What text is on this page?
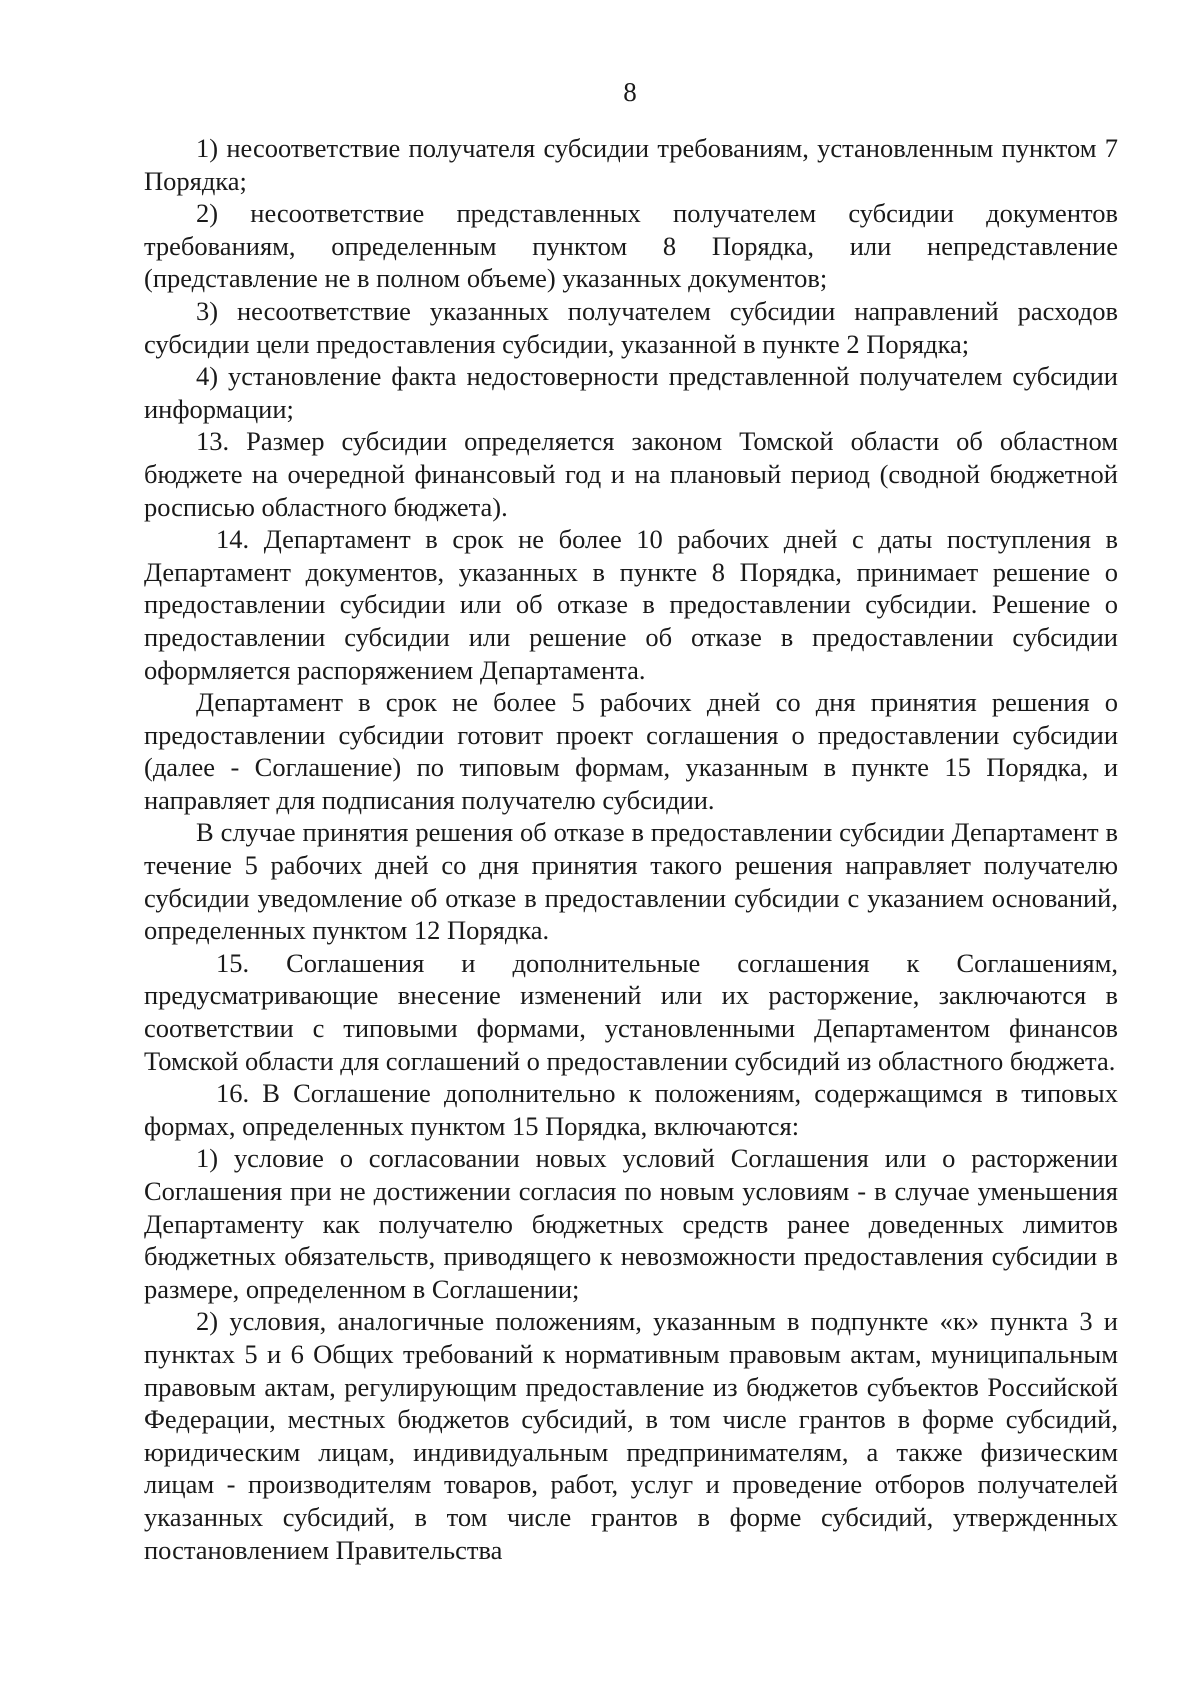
8

1) несоответствие получателя субсидии требованиям, установленным пунктом 7 Порядка;

2) несоответствие представленных получателем субсидии документов требованиям, определенным пунктом 8 Порядка, или непредставление (представление не в полном объеме) указанных документов;

3) несоответствие указанных получателем субсидии направлений расходов субсидии цели предоставления субсидии, указанной в пункте 2 Порядка;

4) установление факта недостоверности представленной получателем субсидии информации;

13. Размер субсидии определяется законом Томской области об областном бюджете на очередной финансовый год и на плановый период (сводной бюджетной росписью областного бюджета).

14. Департамент в срок не более 10 рабочих дней с даты поступления в Департамент документов, указанных в пункте 8 Порядка, принимает решение о предоставлении субсидии или об отказе в предоставлении субсидии. Решение о предоставлении субсидии или решение об отказе в предоставлении субсидии оформляется распоряжением Департамента.

Департамент в срок не более 5 рабочих дней со дня принятия решения о предоставлении субсидии готовит проект соглашения о предоставлении субсидии (далее - Соглашение) по типовым формам, указанным в пункте 15 Порядка, и направляет для подписания получателю субсидии.

В случае принятия решения об отказе в предоставлении субсидии Департамент в течение 5 рабочих дней со дня принятия такого решения направляет получателю субсидии уведомление об отказе в предоставлении субсидии с указанием оснований, определенных пунктом 12 Порядка.

15. Соглашения и дополнительные соглашения к Соглашениям, предусматривающие внесение изменений или их расторжение, заключаются в соответствии с типовыми формами, установленными Департаментом финансов Томской области для соглашений о предоставлении субсидий из областного бюджета.

16. В Соглашение дополнительно к положениям, содержащимся в типовых формах, определенных пунктом 15 Порядка, включаются:

1) условие о согласовании новых условий Соглашения или о расторжении Соглашения при не достижении согласия по новым условиям - в случае уменьшения Департаменту как получателю бюджетных средств ранее доведенных лимитов бюджетных обязательств, приводящего к невозможности предоставления субсидии в размере, определенном в Соглашении;

2) условия, аналогичные положениям, указанным в подпункте «к» пункта 3 и пунктах 5 и 6 Общих требований к нормативным правовым актам, муниципальным правовым актам, регулирующим предоставление из бюджетов субъектов Российской Федерации, местных бюджетов субсидий, в том числе грантов в форме субсидий, юридическим лицам, индивидуальным предпринимателям, а также физическим лицам - производителям товаров, работ, услуг и проведение отборов получателей указанных субсидий, в том числе грантов в форме субсидий, утвержденных постановлением Правительства
